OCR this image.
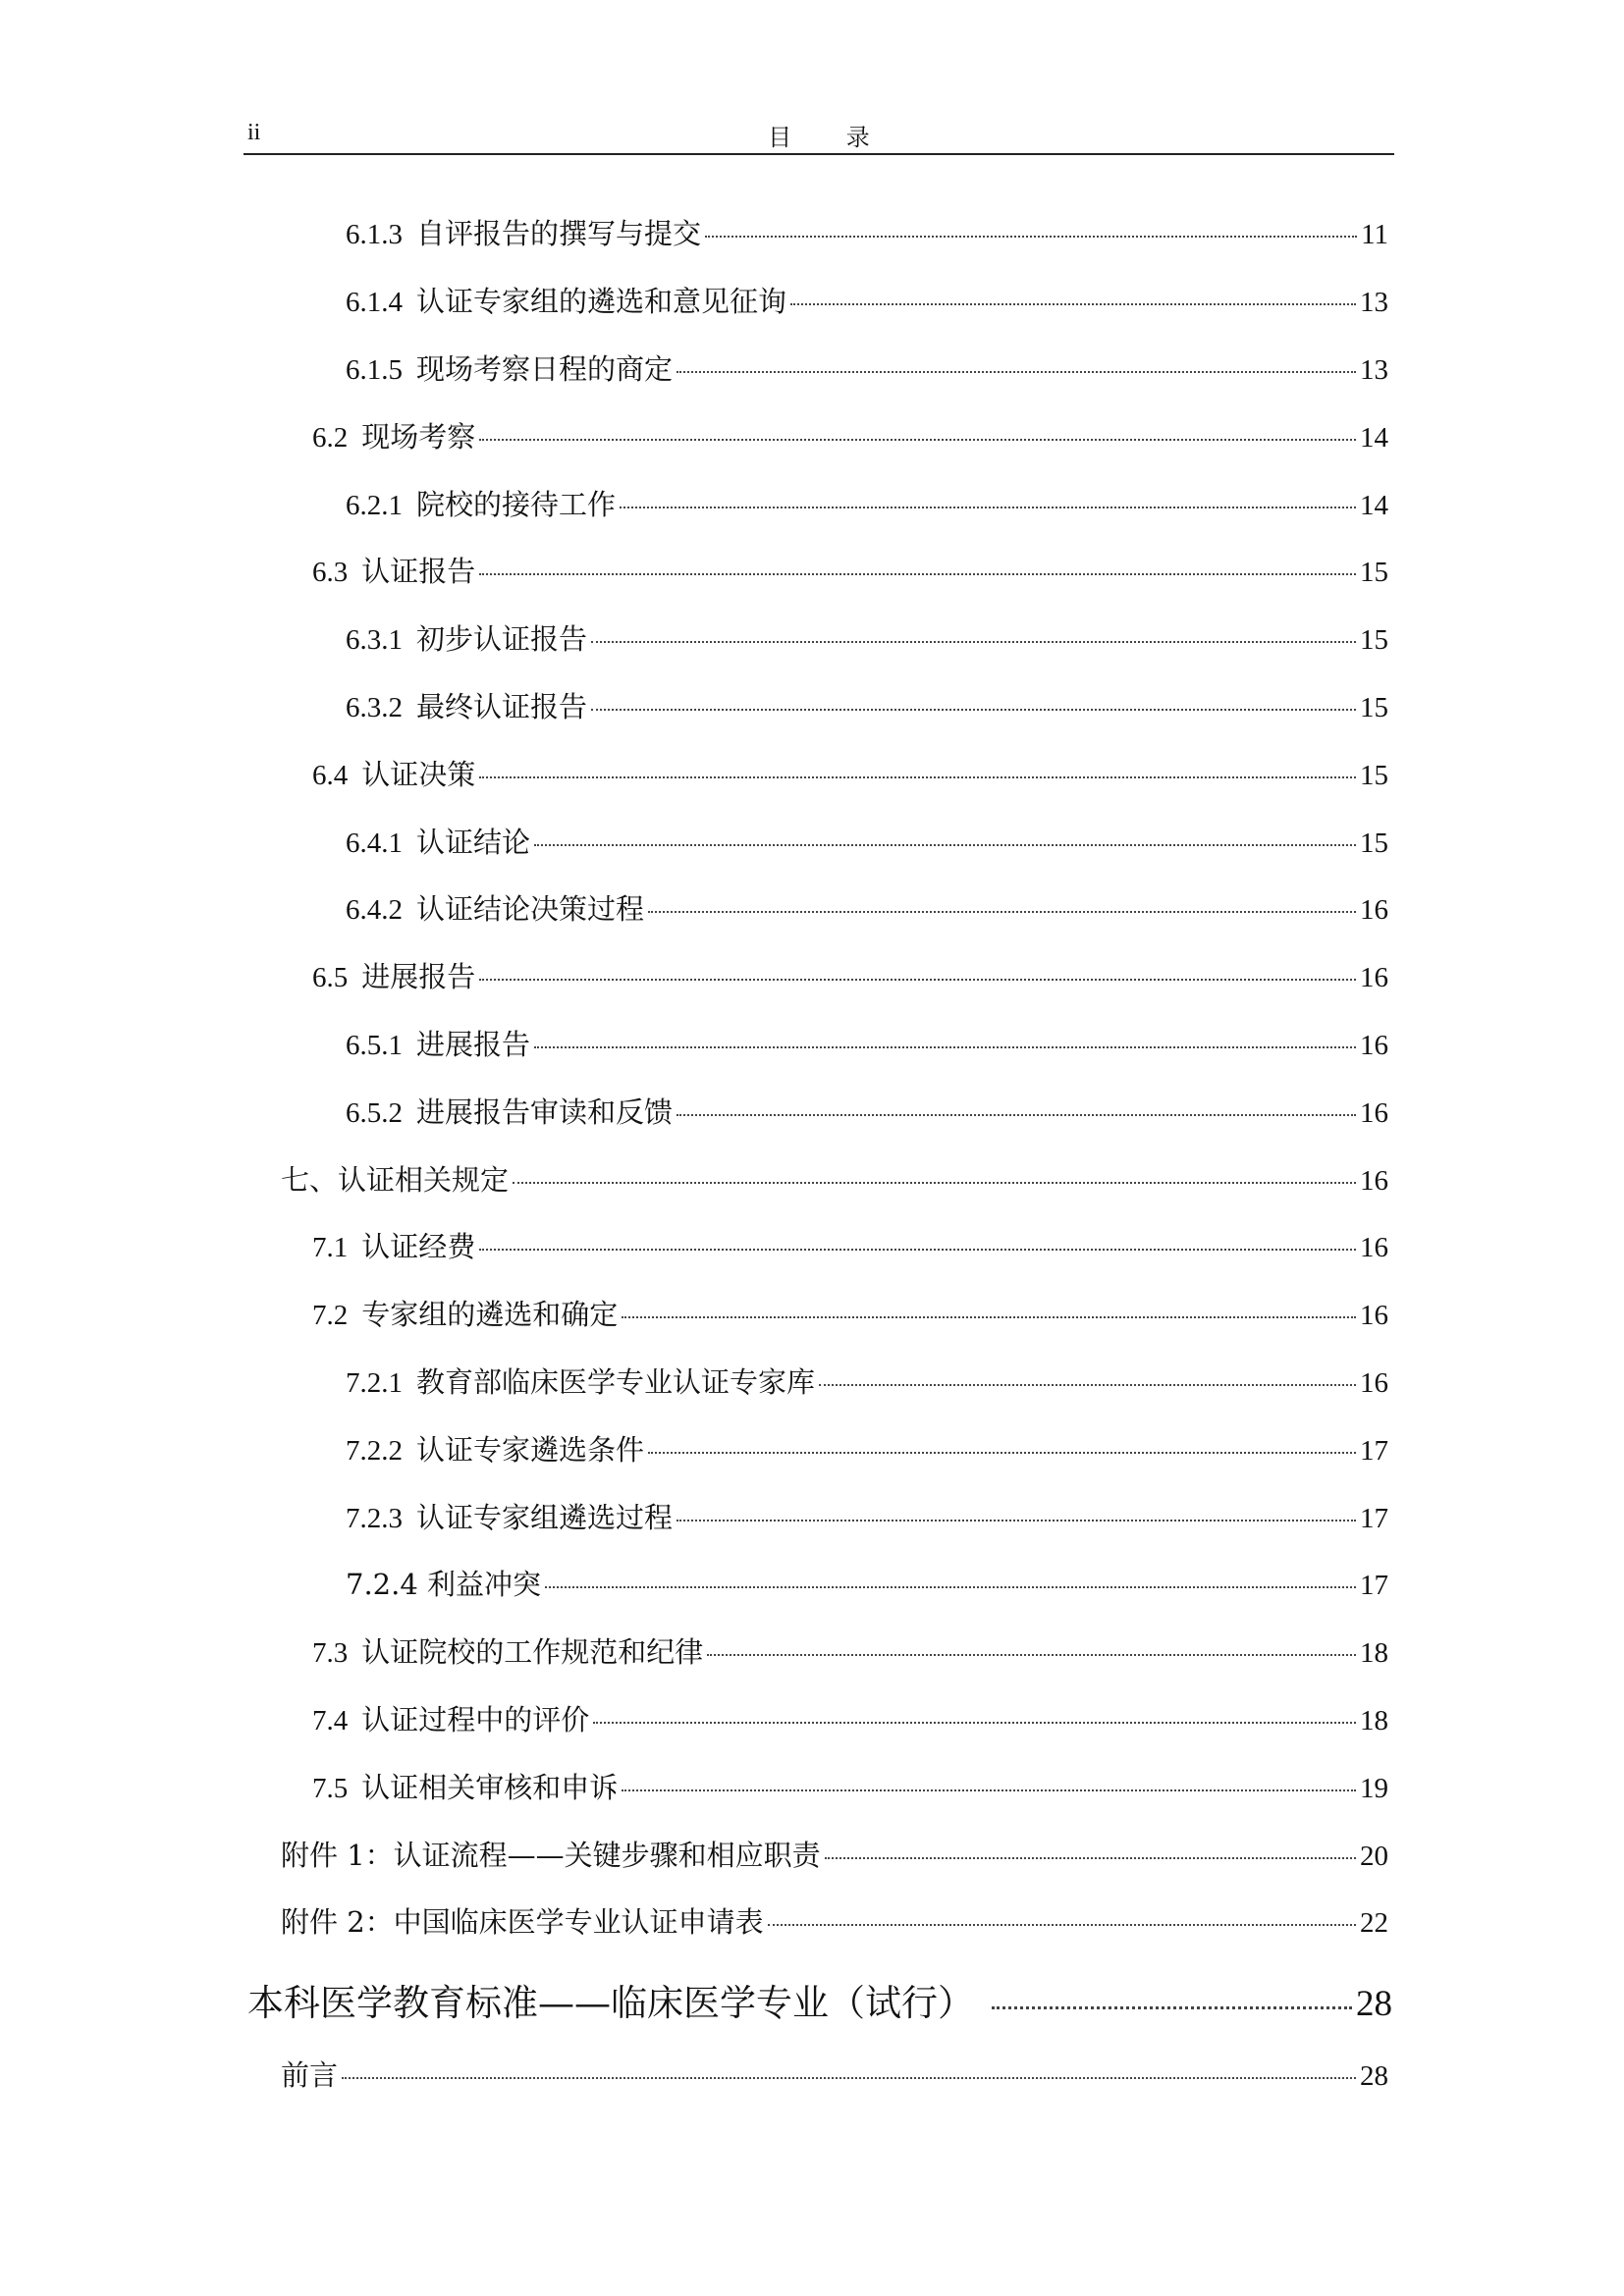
ii	目 录
6.1.3 自评报告的撰写与提交	11
6.1.4 认证专家组的遴选和意见征询	13
6.1.5 现场考察日程的商定	13
6.2 现场考察	14
6.2.1 院校的接待工作	14
6.3 认证报告	15
6.3.1 初步认证报告	15
6.3.2 最终认证报告	15
6.4 认证决策	15
6.4.1 认证结论	15
6.4.2 认证结论决策过程	16
6.5 进展报告	16
6.5.1 进展报告	16
6.5.2 进展报告审读和反馈	16
七、认证相关规定	16
7.1 认证经费	16
7.2 专家组的遴选和确定	16
7.2.1 教育部临床医学专业认证专家库	16
7.2.2 认证专家遴选条件	17
7.2.3 认证专家组遴选过程	17
7.2.4 利益冲突	17
7.3 认证院校的工作规范和纪律	18
7.4 认证过程中的评价	18
7.5 认证相关审核和申诉	19
附件 1：认证流程——关键步骤和相应职责	20
附件 2：中国临床医学专业认证申请表	22
本科医学教育标准——临床医学专业（试行）	28
前言	28
